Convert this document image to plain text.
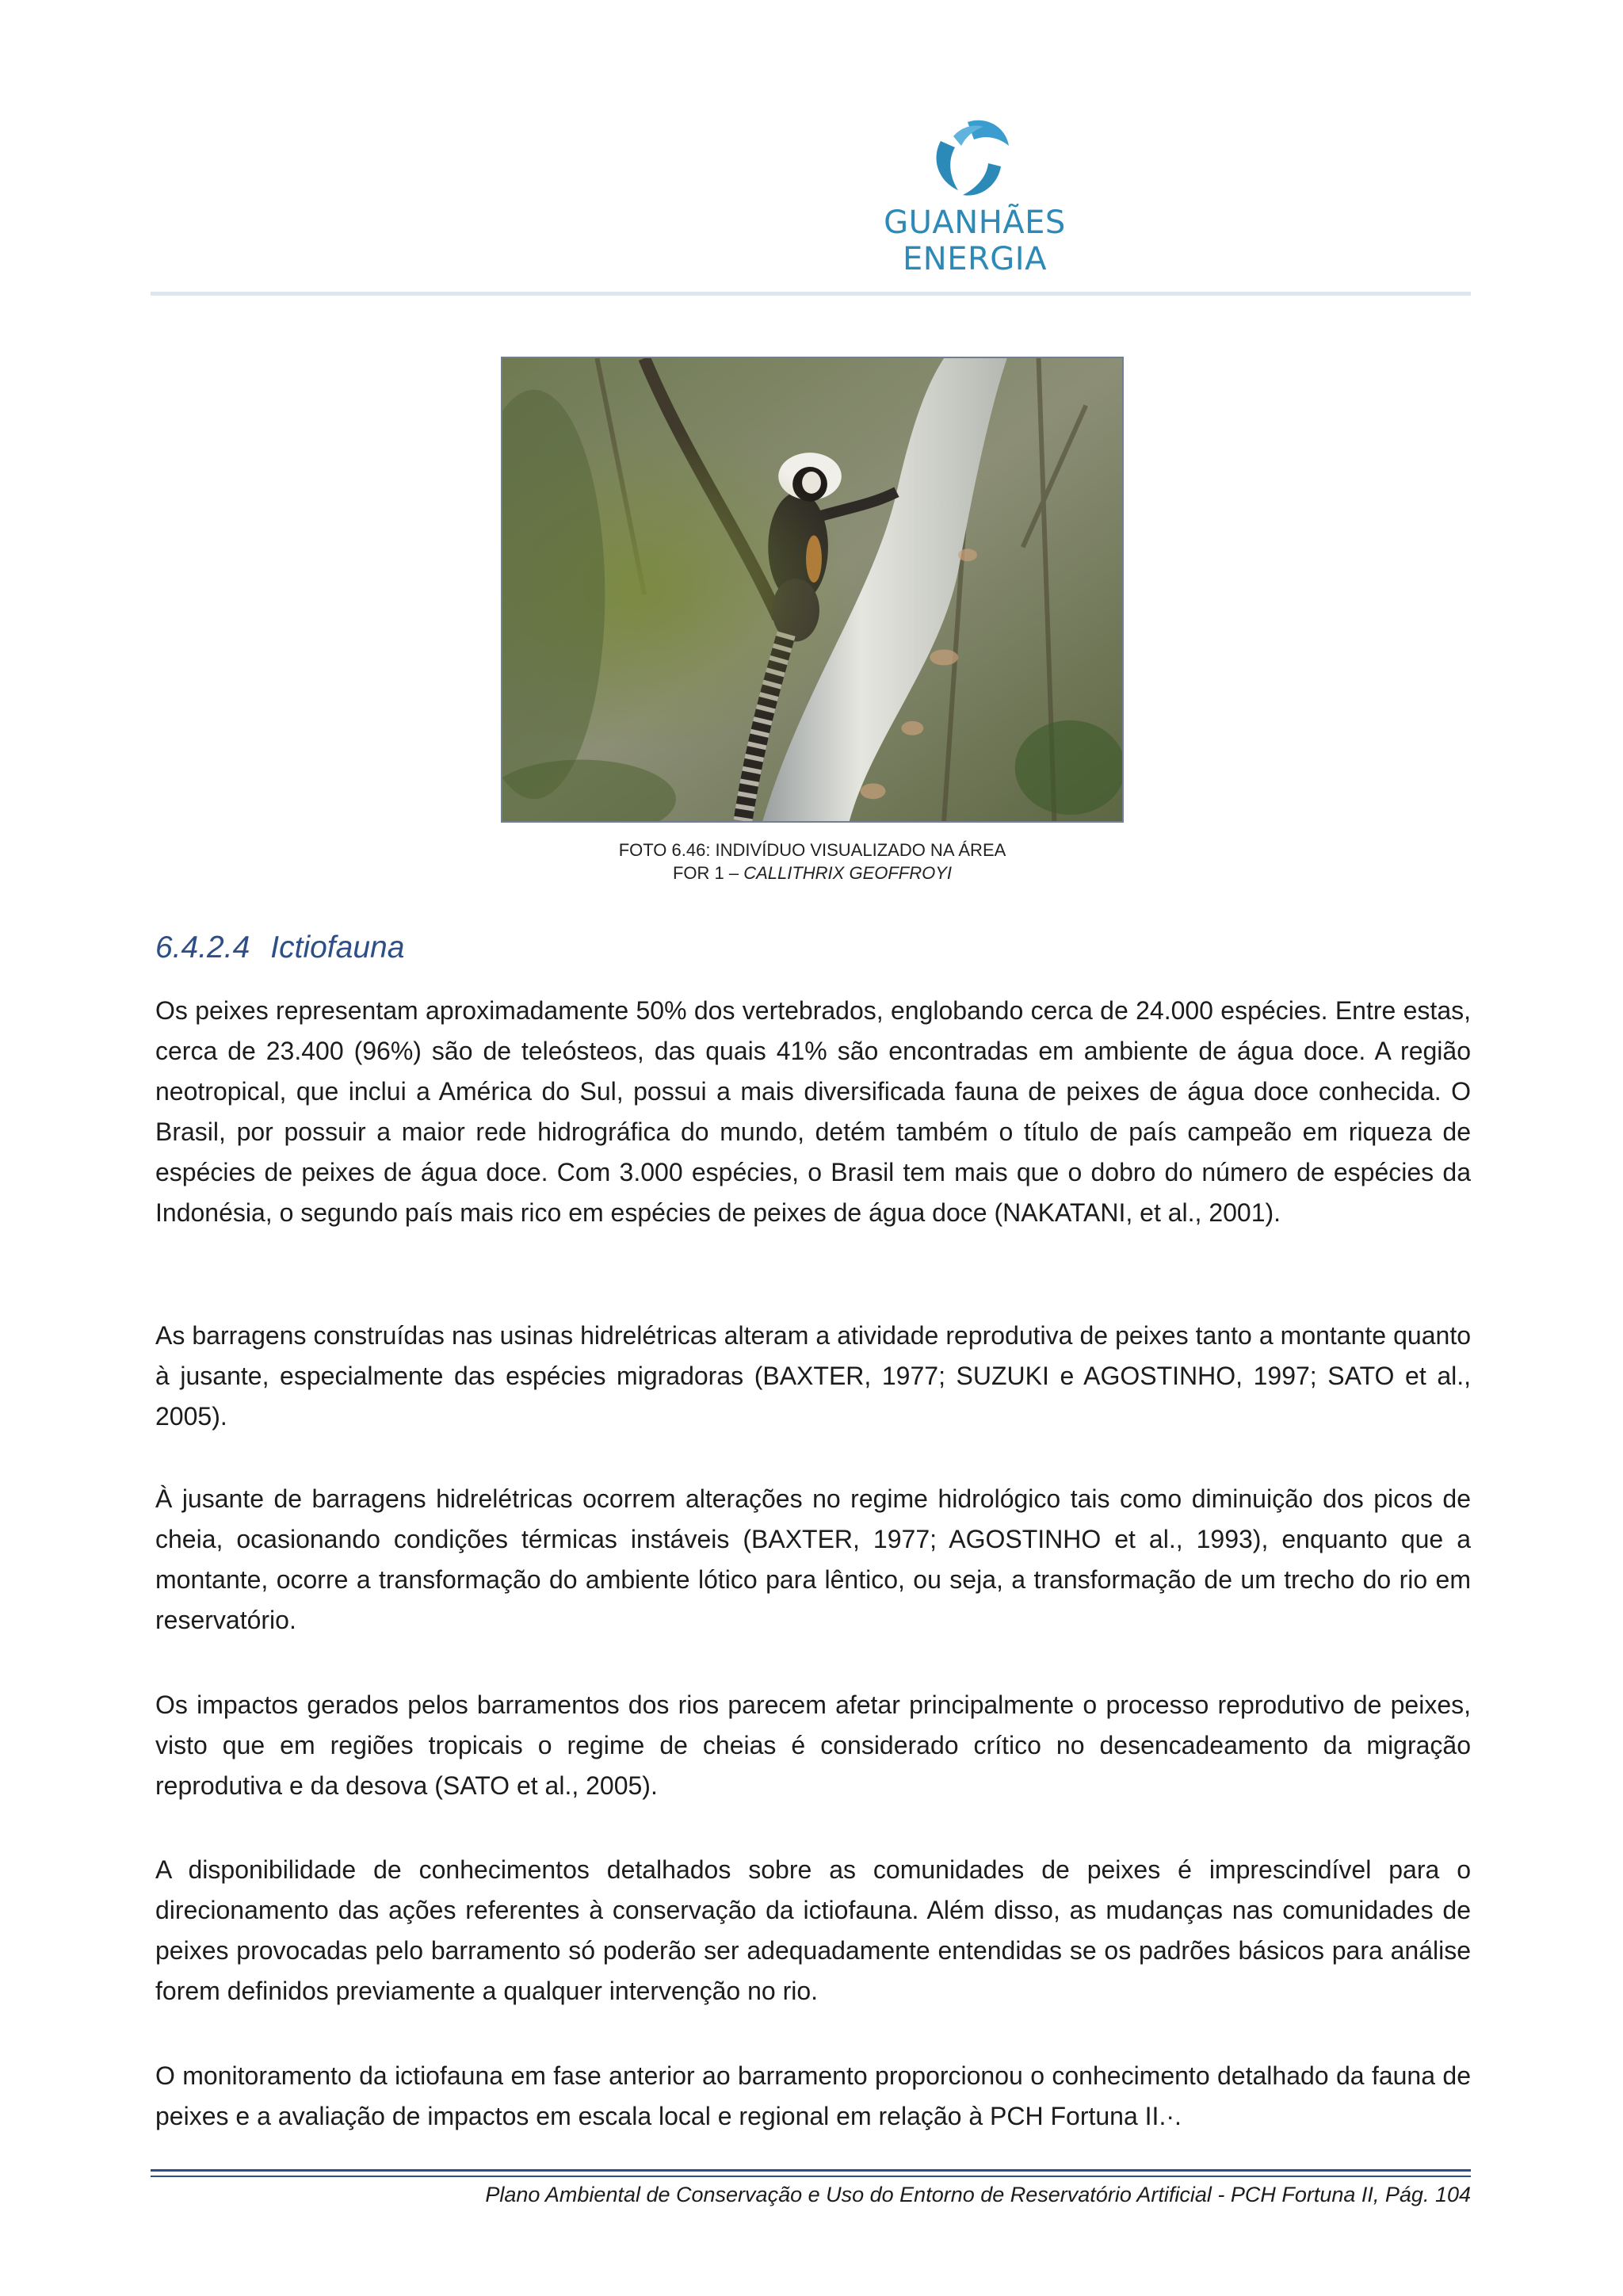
GUANHÃES ENERGIA
FOTO 6.46: INDIVÍDUO VISUALIZADO NA ÁREA
FOR 1 – CALLITHRIX GEOFFROYI
6.4.2.4 Ictiofauna

Os peixes representam aproximadamente 50% dos vertebrados, englobando cerca de 24.000 espécies. Entre estas, cerca de 23.400 (96%) são de teleósteos, das quais 41% são encontradas em ambiente de água doce. A região neotropical, que inclui a América do Sul, possui a mais diversificada fauna de peixes de água doce conhecida. O Brasil, por possuir a maior rede hidrográfica do mundo, detém também o título de país campeão em riqueza de espécies de peixes de água doce. Com 3.000 espécies, o Brasil tem mais que o dobro do número de espécies da Indonésia, o segundo país mais rico em espécies de peixes de água doce (NAKATANI, et al., 2001).

As barragens construídas nas usinas hidrelétricas alteram a atividade reprodutiva de peixes tanto a montante quanto à jusante, especialmente das espécies migradoras (BAXTER, 1977; SUZUKI e AGOSTINHO, 1997; SATO et al., 2005).

À jusante de barragens hidrelétricas ocorrem alterações no regime hidrológico tais como diminuição dos picos de cheia, ocasionando condições térmicas instáveis (BAXTER, 1977; AGOSTINHO et al., 1993), enquanto que a montante, ocorre a transformação do ambiente lótico para lêntico, ou seja, a transformação de um trecho do rio em reservatório.

Os impactos gerados pelos barramentos dos rios parecem afetar principalmente o processo reprodutivo de peixes, visto que em regiões tropicais o regime de cheias é considerado crítico no desencadeamento da migração reprodutiva e da desova (SATO et al., 2005).

A disponibilidade de conhecimentos detalhados sobre as comunidades de peixes é imprescindível para o direcionamento das ações referentes à conservação da ictiofauna. Além disso, as mudanças nas comunidades de peixes provocadas pelo barramento só poderão ser adequadamente entendidas se os padrões básicos para análise forem definidos previamente a qualquer intervenção no rio.

O monitoramento da ictiofauna em fase anterior ao barramento proporcionou o conhecimento detalhado da fauna de peixes e a avaliação de impactos em escala local e regional em relação à PCH Fortuna II.·.

Plano Ambiental de Conservação e Uso do Entorno de Reservatório Artificial - PCH Fortuna II, Pág. 104
